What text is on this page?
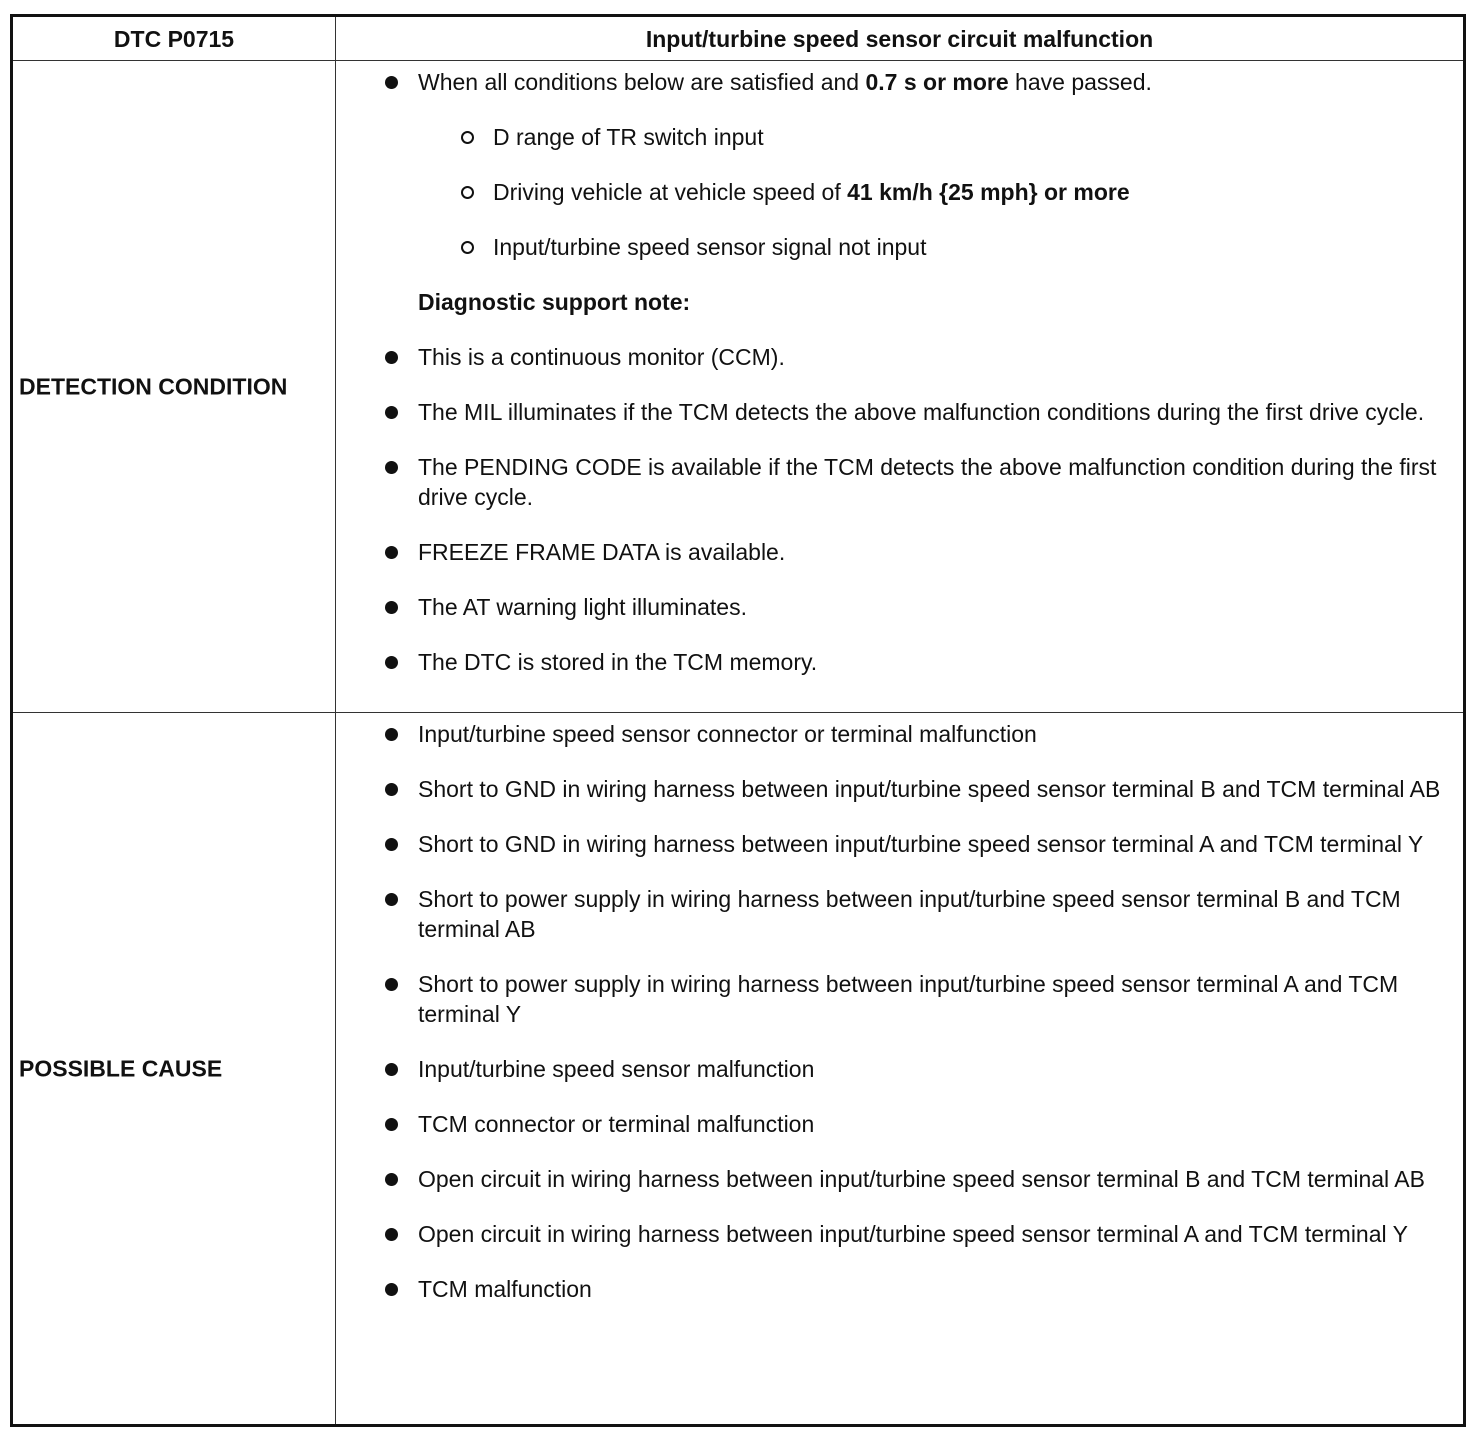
DTC P0715	Input/turbine speed sensor circuit malfunction
DETECTION CONDITION
When all conditions below are satisfied and 0.7 s or more have passed.
D range of TR switch input
Driving vehicle at vehicle speed of 41 km/h {25 mph} or more
Input/turbine speed sensor signal not input
Diagnostic support note:
This is a continuous monitor (CCM).
The MIL illuminates if the TCM detects the above malfunction conditions during the first drive cycle.
The PENDING CODE is available if the TCM detects the above malfunction condition during the first drive cycle.
FREEZE FRAME DATA is available.
The AT warning light illuminates.
The DTC is stored in the TCM memory.
POSSIBLE CAUSE
Input/turbine speed sensor connector or terminal malfunction
Short to GND in wiring harness between input/turbine speed sensor terminal B and TCM terminal AB
Short to GND in wiring harness between input/turbine speed sensor terminal A and TCM terminal Y
Short to power supply in wiring harness between input/turbine speed sensor terminal B and TCM terminal AB
Short to power supply in wiring harness between input/turbine speed sensor terminal A and TCM terminal Y
Input/turbine speed sensor malfunction
TCM connector or terminal malfunction
Open circuit in wiring harness between input/turbine speed sensor terminal B and TCM terminal AB
Open circuit in wiring harness between input/turbine speed sensor terminal A and TCM terminal Y
TCM malfunction
